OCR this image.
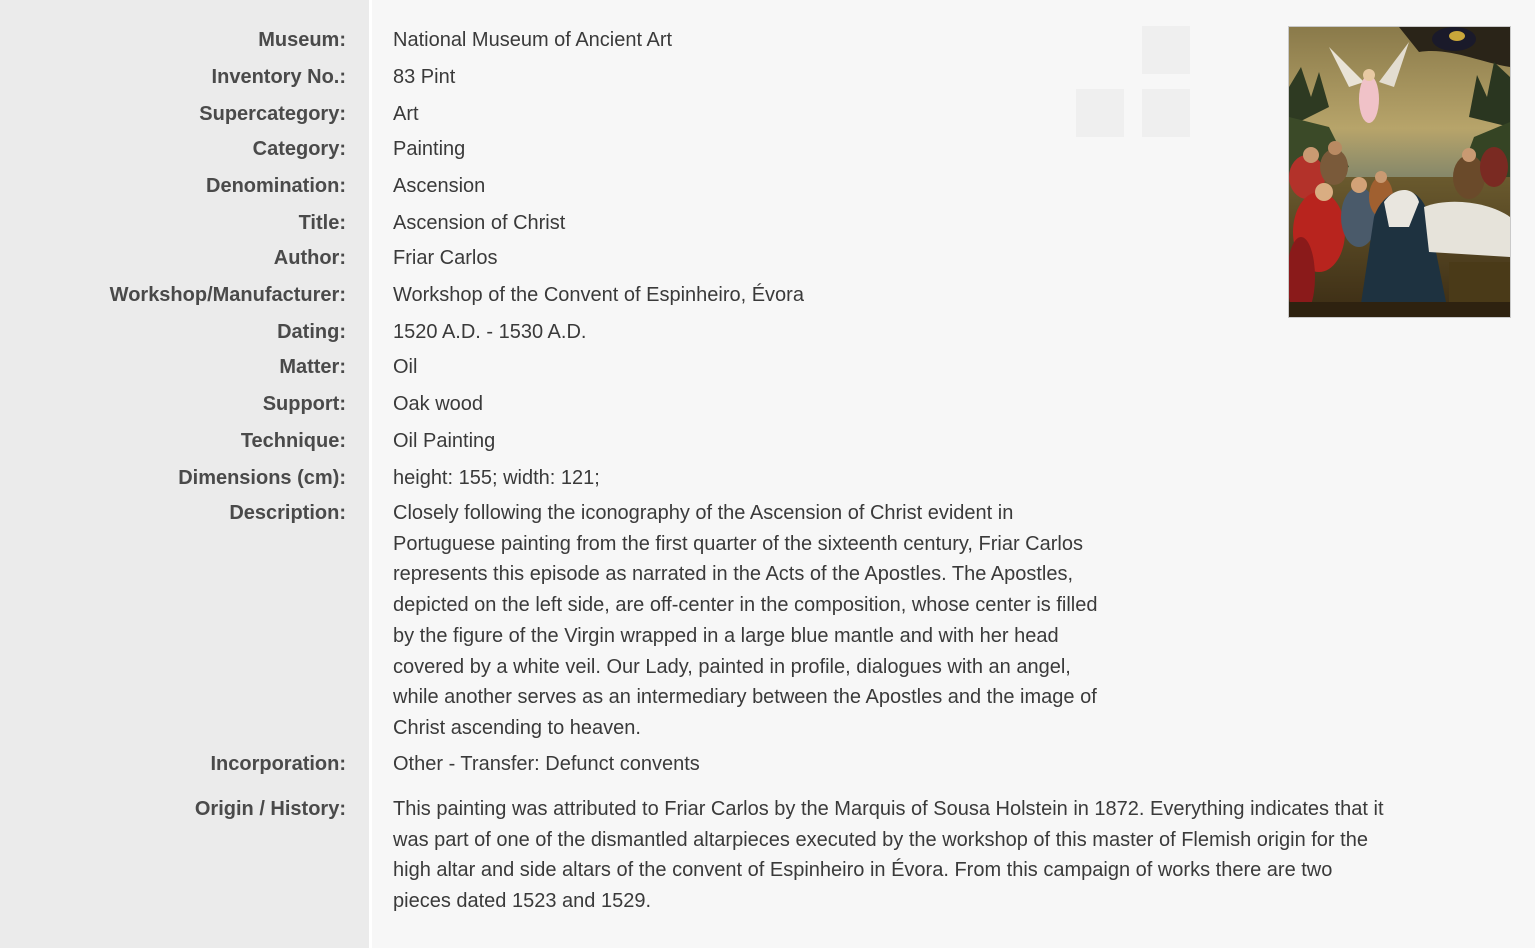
Museum: National Museum of Ancient Art
Inventory No.: 83 Pint
Supercategory: Art
Category: Painting
Denomination: Ascension
Title: Ascension of Christ
Author: Friar Carlos
Workshop/Manufacturer: Workshop of the Convent of Espinheiro, Évora
Dating: 1520 A.D. - 1530 A.D.
Matter: Oil
Support: Oak wood
Technique: Oil Painting
Dimensions (cm): height: 155; width: 121;
Description: Closely following the iconography of the Ascension of Christ evident in
Portuguese painting from the first quarter of the sixteenth century, Friar Carlos
represents this episode as narrated in the Acts of the Apostles. The Apostles,
depicted on the left side, are off-center in the composition, whose center is filled
by the figure of the Virgin wrapped in a large blue mantle and with her head
covered by a white veil. Our Lady, painted in profile, dialogues with an angel,
while another serves as an intermediary between the Apostles and the image of
Christ ascending to heaven.
Incorporation: Other - Transfer: Defunct convents
Origin / History: This painting was attributed to Friar Carlos by the Marquis of Sousa Holstein in 1872. Everything indicates that it
was part of one of the dismantled altarpieces executed by the workshop of this master of Flemish origin for the
high altar and side altars of the convent of Espinheiro in Évora. From this campaign of works there are two
pieces dated 1523 and 1529.
